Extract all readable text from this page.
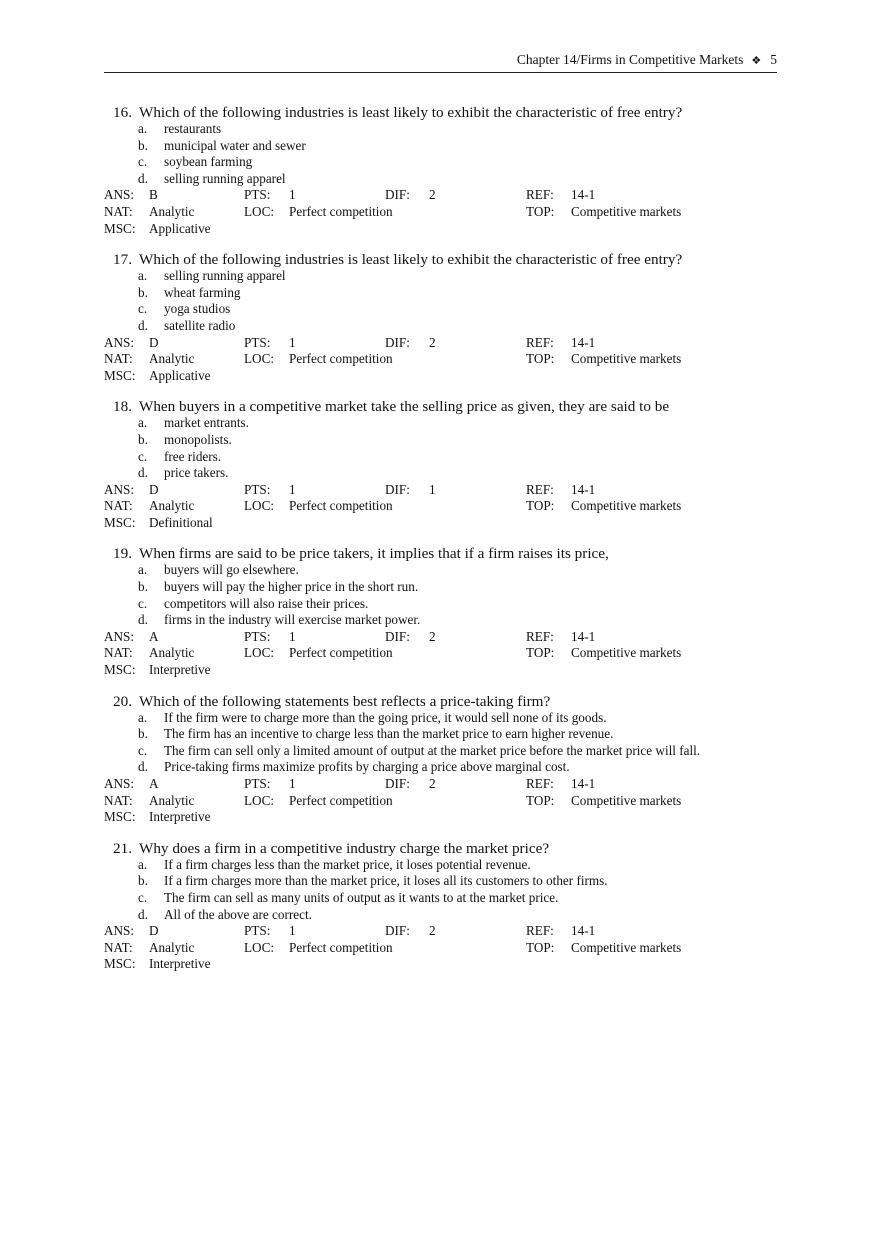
Chapter 14/Firms in Competitive Markets ❖ 5
16. Which of the following industries is least likely to exhibit the characteristic of free entry?
a.	restaurants
b.	municipal water and sewer
c.	soybean farming
d.	selling running apparel
ANS: B	PTS: 1	DIF: 2	REF: 14-1
NAT: Analytic	LOC: Perfect competition	TOP: Competitive markets
MSC: Applicative
17. Which of the following industries is least likely to exhibit the characteristic of free entry?
a.	selling running apparel
b.	wheat farming
c.	yoga studios
d.	satellite radio
ANS: D	PTS: 1	DIF: 2	REF: 14-1
NAT: Analytic	LOC: Perfect competition	TOP: Competitive markets
MSC: Applicative
18. When buyers in a competitive market take the selling price as given, they are said to be
a.	market entrants.
b.	monopolists.
c.	free riders.
d.	price takers.
ANS: D	PTS: 1	DIF: 1	REF: 14-1
NAT: Analytic	LOC: Perfect competition	TOP: Competitive markets
MSC: Definitional
19. When firms are said to be price takers, it implies that if a firm raises its price,
a.	buyers will go elsewhere.
b.	buyers will pay the higher price in the short run.
c.	competitors will also raise their prices.
d.	firms in the industry will exercise market power.
ANS: A	PTS: 1	DIF: 2	REF: 14-1
NAT: Analytic	LOC: Perfect competition	TOP: Competitive markets
MSC: Interpretive
20. Which of the following statements best reflects a price-taking firm?
a.	If the firm were to charge more than the going price, it would sell none of its goods.
b.	The firm has an incentive to charge less than the market price to earn higher revenue.
c.	The firm can sell only a limited amount of output at the market price before the market price will fall.
d.	Price-taking firms maximize profits by charging a price above marginal cost.
ANS: A	PTS: 1	DIF: 2	REF: 14-1
NAT: Analytic	LOC: Perfect competition	TOP: Competitive markets
MSC: Interpretive
21. Why does a firm in a competitive industry charge the market price?
a.	If a firm charges less than the market price, it loses potential revenue.
b.	If a firm charges more than the market price, it loses all its customers to other firms.
c.	The firm can sell as many units of output as it wants to at the market price.
d.	All of the above are correct.
ANS: D	PTS: 1	DIF: 2	REF: 14-1
NAT: Analytic	LOC: Perfect competition	TOP: Competitive markets
MSC: Interpretive
